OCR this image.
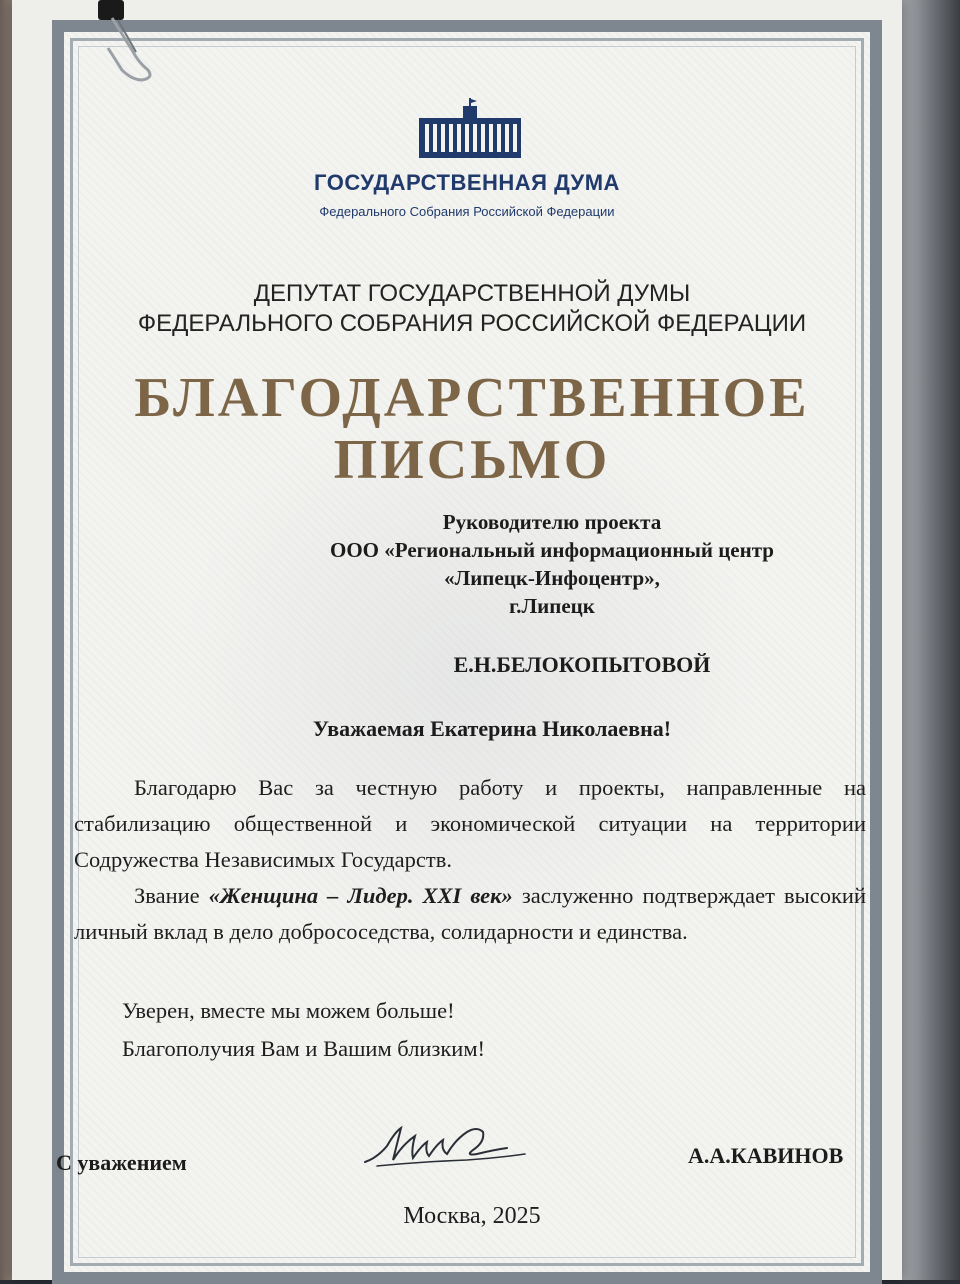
ГОСУДАРСТВЕННАЯ ДУМА
Федерального Собрания Российской Федерации
ДЕПУТАТ ГОСУДАРСТВЕННОЙ ДУМЫ
ФЕДЕРАЛЬНОГО СОБРАНИЯ РОССИЙСКОЙ ФЕДЕРАЦИИ
БЛАГОДАРСТВЕННОЕ
ПИСЬМО
Руководителю проекта
ООО «Региональный информационный центр
«Липецк-Инфоцентр»,
г.Липецк
Е.Н.БЕЛОКОПЫТОВОЙ
Уважаемая Екатерина Николаевна!
Благодарю Вас за честную работу и проекты, направленные на стабилизацию общественной и экономической ситуации на территории Содружества Независимых Государств.
Звание «Женщина – Лидер. XXI век» заслуженно подтверждает высокий личный вклад в дело добрососедства, солидарности и единства.
Уверен, вместе мы можем больше!
Благополучия Вам и Вашим близким!
С уважением	А.А.КАВИНОВ
Москва, 2025
